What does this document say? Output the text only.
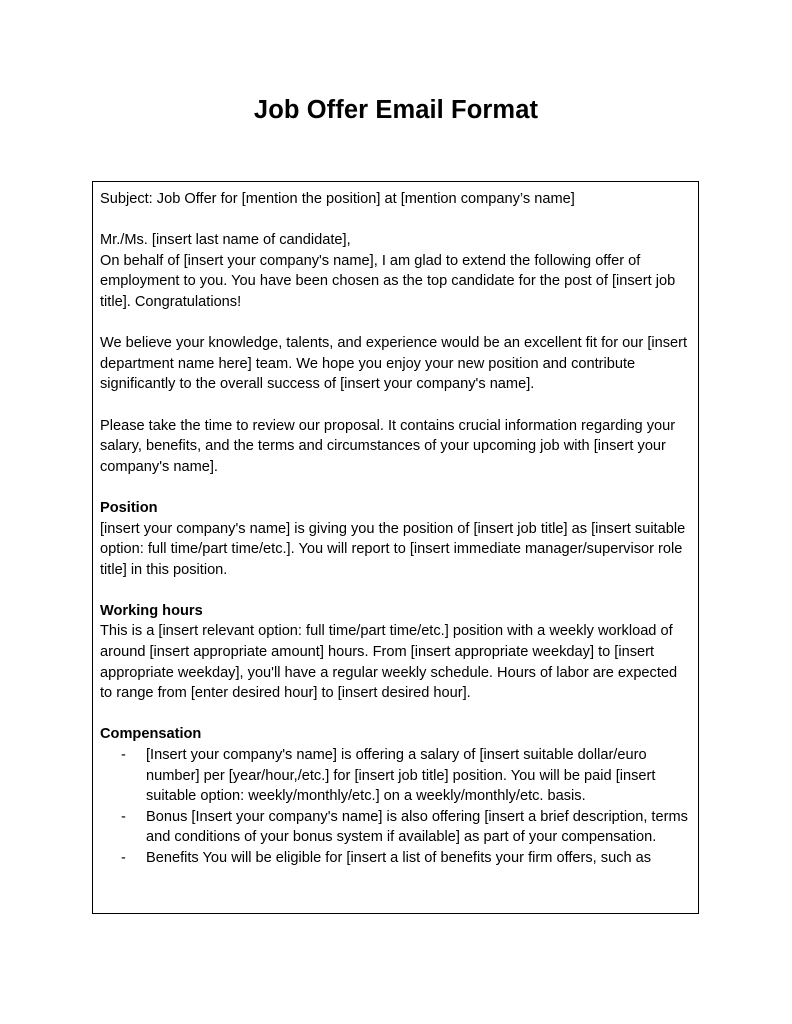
Job Offer Email Format

Subject: Job Offer for [mention the position] at [mention company’s name]

Mr./Ms. [insert last name of candidate],

On behalf of [insert your company's name], I am glad to extend the following offer of employment to you. You have been chosen as the top candidate for the post of [insert job title]. Congratulations!

We believe your knowledge, talents, and experience would be an excellent fit for our [insert department name here] team. We hope you enjoy your new position and contribute significantly to the overall success of [insert your company's name].

Please take the time to review our proposal. It contains crucial information regarding your salary, benefits, and the terms and circumstances of your upcoming job with [insert your company's name].

Position

[insert your company's name] is giving you the position of [insert job title] as [insert suitable option: full time/part time/etc.]. You will report to [insert immediate manager/supervisor role title] in this position.

Working hours

This is a [insert relevant option: full time/part time/etc.] position with a weekly workload of around [insert appropriate amount] hours. From [insert appropriate weekday] to [insert appropriate weekday], you'll have a regular weekly schedule. Hours of labor are expected to range from [enter desired hour] to [insert desired hour].

Compensation

- [Insert your company's name] is offering a salary of [insert suitable dollar/euro number] per [year/hour,/etc.] for [insert job title] position. You will be paid [insert suitable option: weekly/monthly/etc.] on a weekly/monthly/etc. basis.
- Bonus [Insert your company's name] is also offering [insert a brief description, terms and conditions of your bonus system if available] as part of your compensation.
- Benefits You will be eligible for [insert a list of benefits your firm offers, such as
